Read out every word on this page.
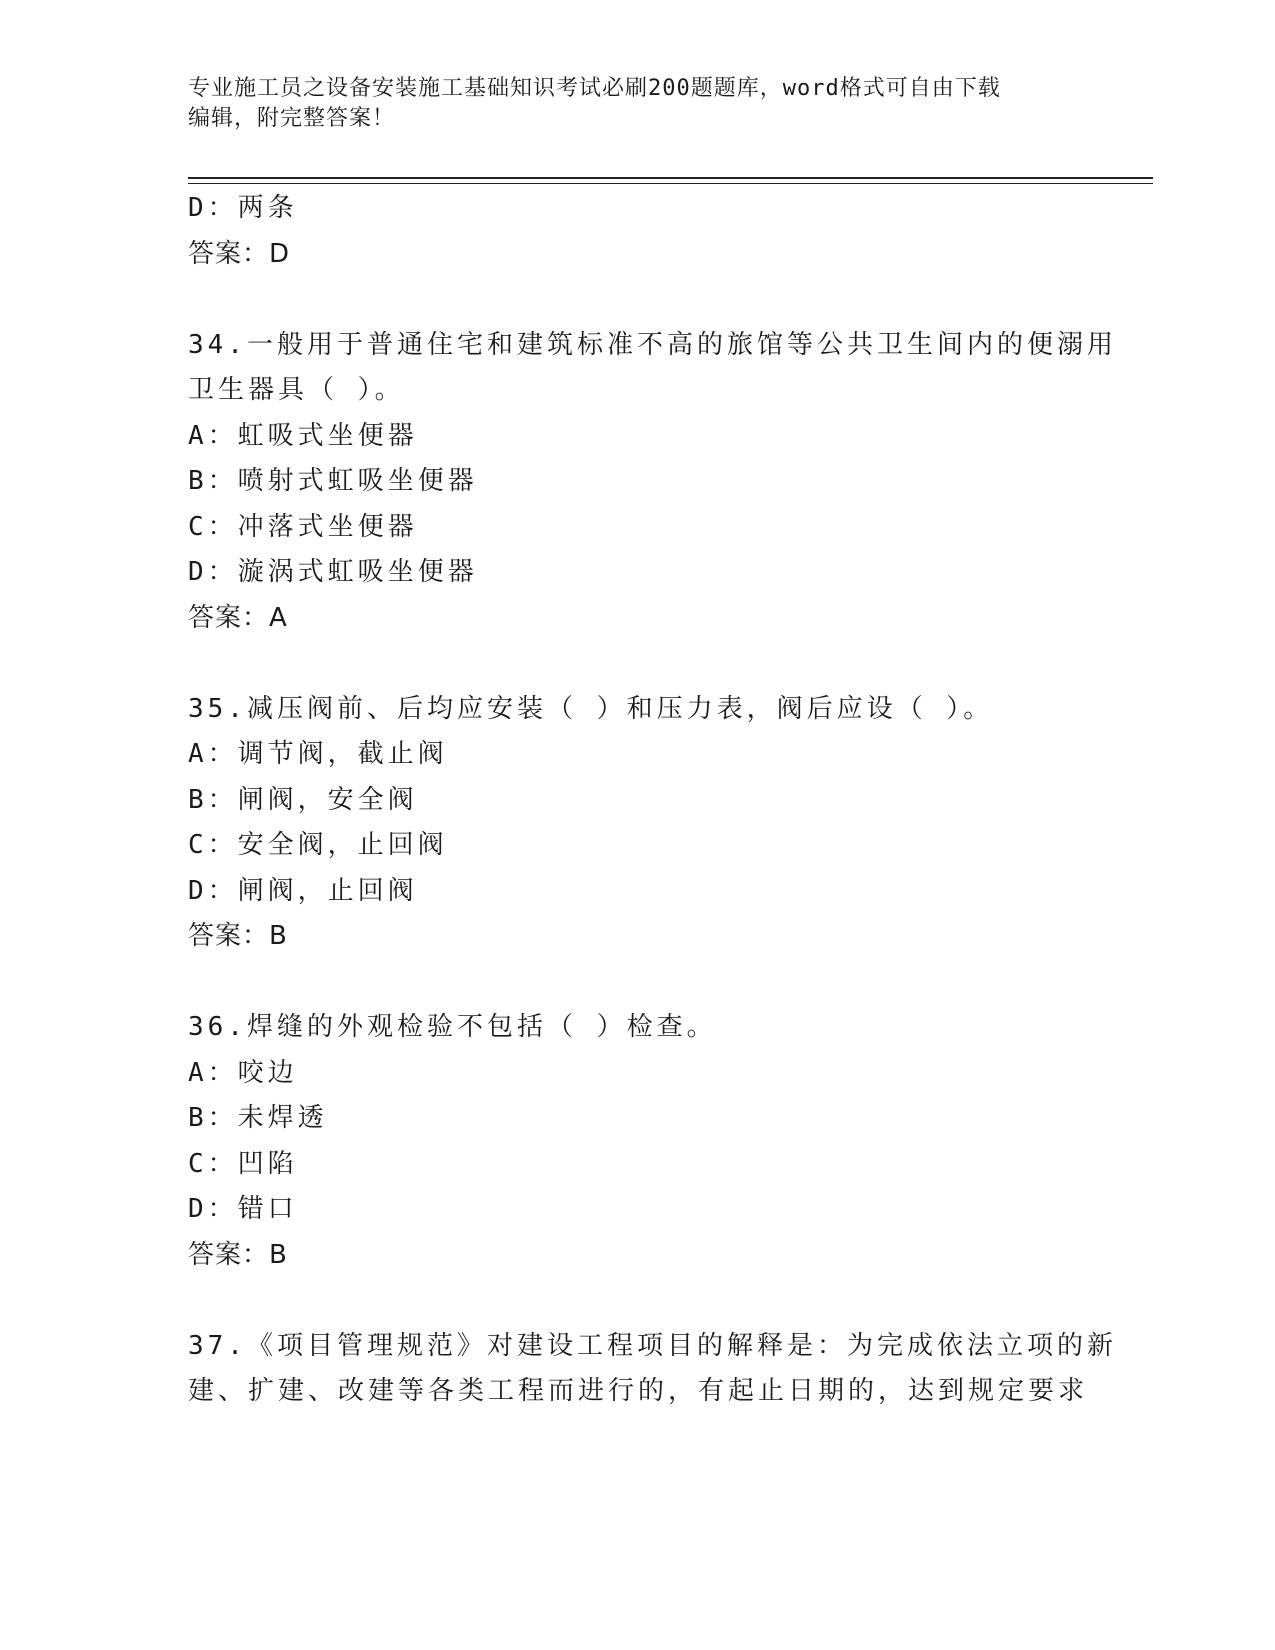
专业施工员之设备安装施工基础知识考试必刷200题题库，word格式可自由下载
编辑，附完整答案！
D：两条
答案：D
34.一般用于普通住宅和建筑标准不高的旅馆等公共卫生间内的便溺用
卫生器具（ ）。
A：虹吸式坐便器
B：喷射式虹吸坐便器
C：冲落式坐便器
D：漩涡式虹吸坐便器
答案：A
35.减压阀前、后均应安装（ ）和压力表，阀后应设（ ）。
A：调节阀，截止阀
B：闸阀，安全阀
C：安全阀，止回阀
D：闸阀，止回阀
答案：B
36.焊缝的外观检验不包括（ ）检查。
A：咬边
B：未焊透
C：凹陷
D：错口
答案：B
37.《项目管理规范》对建设工程项目的解释是：为完成依法立项的新
建、扩建、改建等各类工程而进行的，有起止日期的，达到规定要求
